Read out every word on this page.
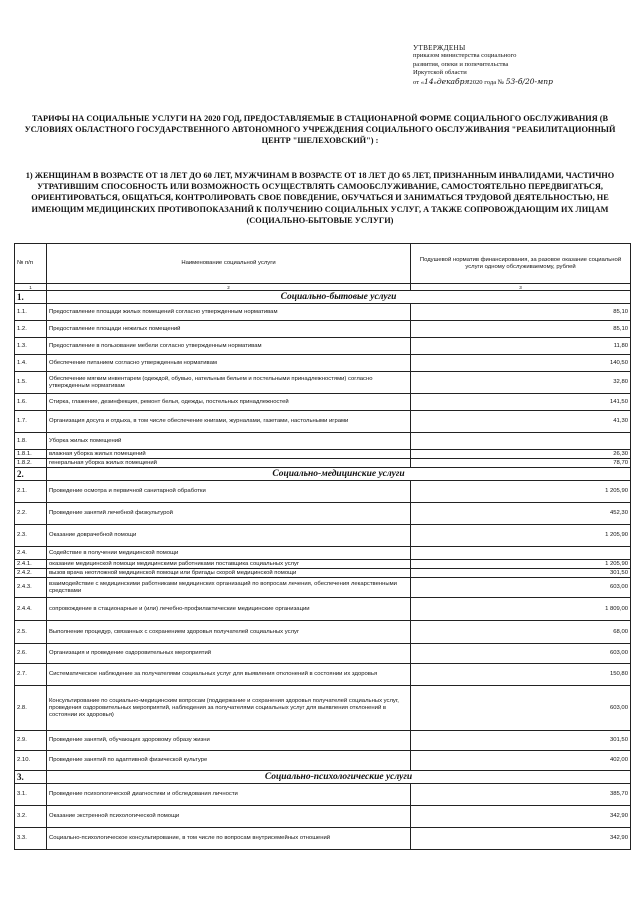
УТВЕРЖДЕНЫ
приказом министерства социального
развития, опеки и попечительства
Иркутской области
от «14»декабря2020 года № 53-б/20-мпр
ТАРИФЫ НА СОЦИАЛЬНЫЕ УСЛУГИ НА 2020 ГОД, ПРЕДОСТАВЛЯЕМЫЕ В СТАЦИОНАРНОЙ ФОРМЕ СОЦИАЛЬНОГО ОБСЛУЖИВАНИЯ (В УСЛОВИЯХ ОБЛАСТНОГО ГОСУДАРСТВЕННОГО АВТОНОМНОГО УЧРЕЖДЕНИЯ СОЦИАЛЬНОГО ОБСЛУЖИВАНИЯ "РЕАБИЛИТАЦИОННЫЙ ЦЕНТР "ШЕЛЕХОВСКИЙ") :
1) ЖЕНЩИНАМ В ВОЗРАСТЕ ОТ 18 ЛЕТ ДО 60 ЛЕТ, МУЖЧИНАМ В ВОЗРАСТЕ ОТ 18 ЛЕТ ДО 65 ЛЕТ, ПРИЗНАННЫМ ИНВАЛИДАМИ, ЧАСТИЧНО УТРАТИВШИМ СПОСОБНОСТЬ ИЛИ ВОЗМОЖНОСТЬ ОСУЩЕСТВЛЯТЬ САМООБСЛУЖИВАНИЕ, САМОСТОЯТЕЛЬНО ПЕРЕДВИГАТЬСЯ, ОРИЕНТИРОВАТЬСЯ, ОБЩАТЬСЯ, КОНТРОЛИРОВАТЬ СВОЕ ПОВЕДЕНИЕ, ОБУЧАТЬСЯ И ЗАНИМАТЬСЯ ТРУДОВОЙ ДЕЯТЕЛЬНОСТЬЮ, НЕ ИМЕЮЩИМ МЕДИЦИНСКИХ ПРОТИВОПОКАЗАНИЙ К ПОЛУЧЕНИЮ СОЦИАЛЬНЫХ УСЛУГ, А ТАКЖЕ СОПРОВОЖДАЮЩИМ ИХ ЛИЦАМ (СОЦИАЛЬНО-БЫТОВЫЕ УСЛУГИ)
№ п/п	Наименование социальной услуги	Подушевой норматив финансирования, за разовое оказание социальной услуги одному обслуживаемому, рублей
1	2	3
1.	Социально-бытовые услуги	
1.1.	Предоставление площади жилых помещений согласно утвержденным нормативам	85,10
1.2.	Предоставление площади нежилых помещений	85,10
1.3.	Предоставление в пользование мебели согласно утвержденным нормативам	11,80
1.4.	Обеспечение питанием согласно утвержденным нормативам	140,50
1.5.	Обеспечение мягким инвентарем (одеждой, обувью, нательным бельем и постельными принадлежностями) согласно утвержденным нормативам	32,80
1.6.	Стирка, глажение, дезинфекция, ремонт белья, одежды, постельных принадлежностей	141,50
1.7.	Организация досуга и отдыха, в том числе обеспечение книгами, журналами, газетами, настольными играми	41,30
1.8.	Уборка жилых помещений	
1.8.1.	влажная уборка жилых помещений	26,30
1.8.2.	генеральная уборка жилых помещений	78,70
2.	Социально-медицинские услуги	
2.1.	Проведение осмотра и первичной санитарной обработки	1 205,90
2.2.	Проведение занятий лечебной физкультурой	452,30
2.3.	Оказание доврачебной помощи	1 205,90
2.4.	Содействие в получении медицинской помощи	
2.4.1.	оказание медицинской помощи медицинскими работниками поставщика социальных услуг	1 205,90
2.4.2.	вызов врача неотложной медицинской помощи или бригады скорой медицинской помощи	301,50
2.4.3.	взаимодействие с медицинскими работниками медицинских организаций по вопросам лечения, обеспечения лекарственными средствами	603,00
2.4.4.	сопровождение в стационарные и (или) лечебно-профилактические медицинские организации	1 809,00
2.5.	Выполнение процедур, связанных с сохранением здоровья получателей социальных услуг	68,00
2.6.	Организация и проведение оздоровительных мероприятий	603,00
2.7.	Систематическое наблюдение за получателями социальных услуг для выявления отклонений в состоянии их здоровья	150,80
2.8.	Консультирование по социально-медицинским вопросам (поддержание и сохранения здоровья получателей социальных услуг, проведения оздоровительных мероприятий, наблюдения за получателями социальных услуг для выявления отклонений в состоянии их здоровья)	603,00
2.9.	Проведение занятий, обучающих здоровому образу жизни	301,50
2.10.	Проведение занятий по адаптивной физической культуре	402,00
3.	Социально-психологические услуги	
3.1.	Проведение психологической диагностики и обследования личности	385,70
3.2.	Оказание экстренной психологической помощи	342,90
3.3.	Социально-психологическое консультирование, в том числе по вопросам внутрисемейных отношений	342,90
